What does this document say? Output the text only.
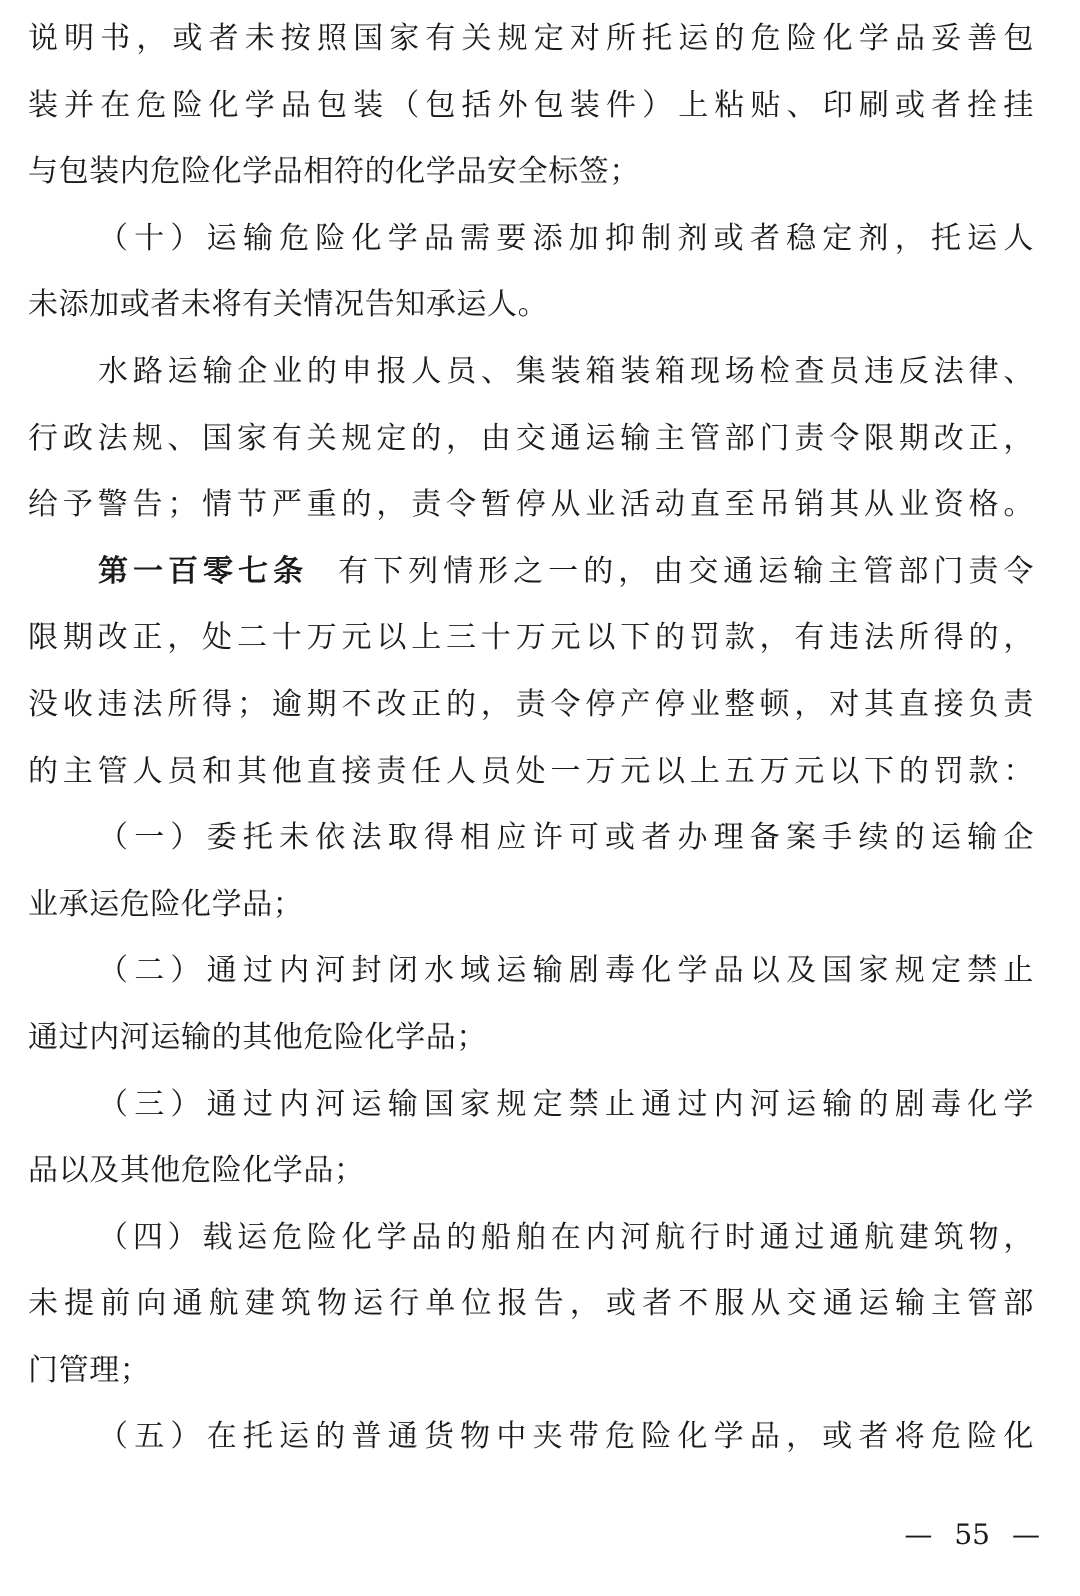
说明书，或者未按照国家有关规定对所托运的危险化学品妥善包
装并在危险化学品包装（包括外包装件）上粘贴、印刷或者拴挂
与包装内危险化学品相符的化学品安全标签；
（十）运输危险化学品需要添加抑制剂或者稳定剂，托运人
未添加或者未将有关情况告知承运人。
水路运输企业的申报人员、集装箱装箱现场检查员违反法律、
行政法规、国家有关规定的，由交通运输主管部门责令限期改正，
给予警告；情节严重的，责令暂停从业活动直至吊销其从业资格。
第一百零七条 有下列情形之一的，由交通运输主管部门责令
限期改正，处二十万元以上三十万元以下的罚款，有违法所得的，
没收违法所得；逾期不改正的，责令停产停业整顿，对其直接负责
的主管人员和其他直接责任人员处一万元以上五万元以下的罚款：
（一）委托未依法取得相应许可或者办理备案手续的运输企
业承运危险化学品；
（二）通过内河封闭水域运输剧毒化学品以及国家规定禁止
通过内河运输的其他危险化学品；
（三）通过内河运输国家规定禁止通过内河运输的剧毒化学
品以及其他危险化学品；
（四）载运危险化学品的船舶在内河航行时通过通航建筑物，
未提前向通航建筑物运行单位报告，或者不服从交通运输主管部
门管理；
（五）在托运的普通货物中夹带危险化学品，或者将危险化
— 55 —
